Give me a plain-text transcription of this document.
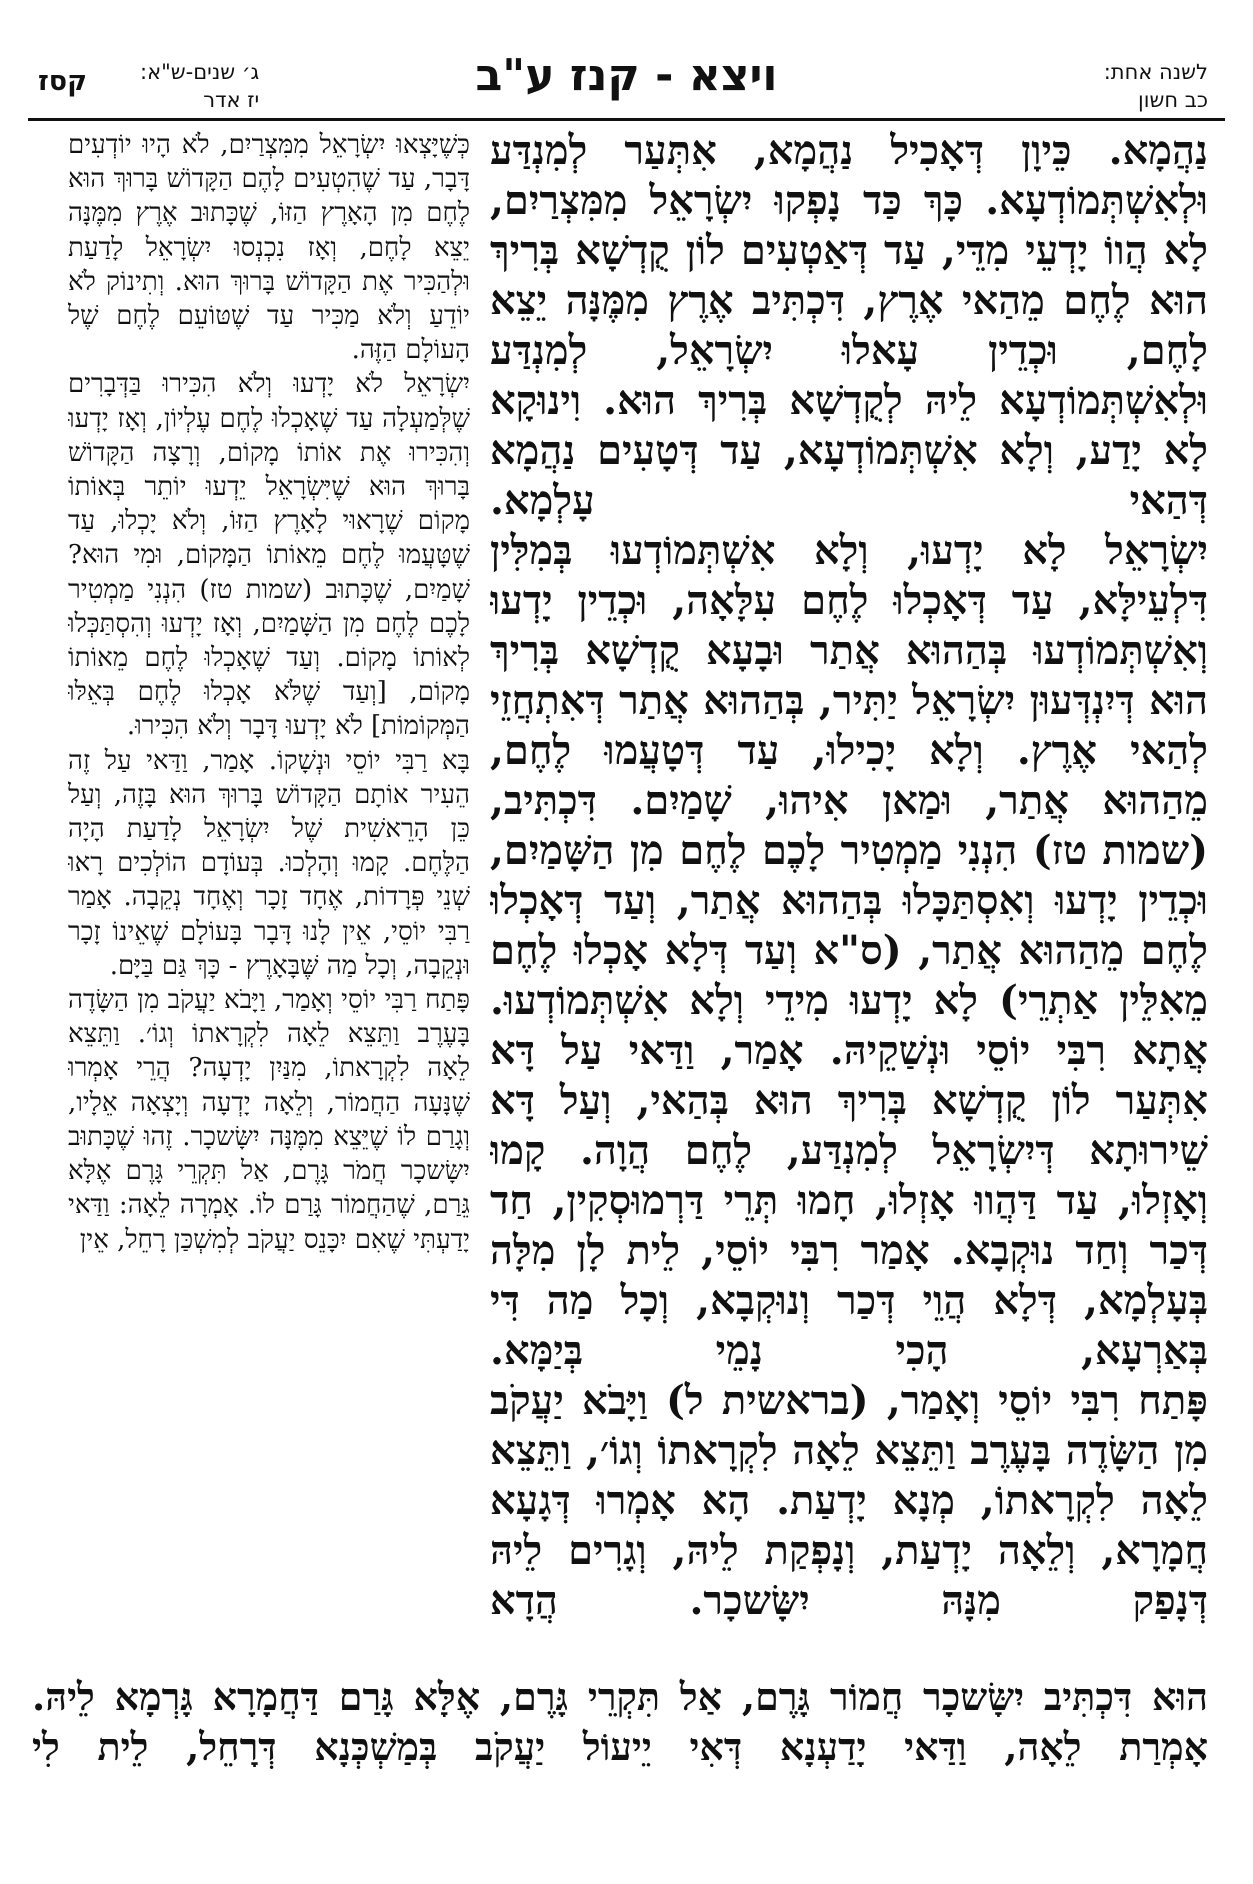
לשנה אחת:
כב חשון
ויצא - קנז ע"ב
ג׳ שנים-ש"א:
יז אדר
קסז

נַהֲמָא. כֵּיוָן דְּאָכִיל נַהֲמָא, אִתְּעַר לְמִנְדַּע וּלְאִשְׁתְּמוֹדְעָא. כָּךְ כַּד נָפְקוּ יִשְׂרָאֵל מִמִּצְרַיִם, לָא הֲווֹ יָדְעֵי מִדֵּי, עַד דְּאַטְעִים לוֹן קֻדְשָׁא בְּרִיךְ הוּא לֶחֶם מֵהַאי אֶרֶץ, דִּכְתִּיב אֶרֶץ מִמֶּנָּה יֵצֵא לָחֶם, וּכְדֵין עָאלוּ יִשְׂרָאֵל, לְמִנְדַּע וּלְאִשְׁתְּמוֹדְעָא לֵיהּ לְקֻדְשָׁא בְּרִיךְ הוּא. וִינוּקָא לָא יָדַע, וְלָא אִשְׁתְּמוֹדְעָא, עַד דְּטָעִים נַהֲמָא דְּהַאי עָלְמָא.

יִשְׂרָאֵל לָא יָדְעוּ, וְלָא אִשְׁתְּמוֹדְעוּ בְּמִלִּין דִּלְעֵילָּא, עַד דְּאָכְלוּ לֶחֶם עִלָּאָה, וּכְדֵין יָדְעוּ וְאִשְׁתְּמוֹדְעוּ בְּהַהוּא אֲתַר וּבָעָא קֻדְשָׁא בְּרִיךְ הוּא דְּיִנְדְּעוּן יִשְׂרָאֵל יַתִּיר, בְּהַהוּא אֲתַר דְּאִתְחֲזֵי לְהַאי אֶרֶץ. וְלָא יָכִילוּ, עַד דְּטָעֲמוּ לֶחֶם, מֵהַהוּא אֲתַר, וּמַאן אִיהוּ, שָׁמַיִם. דִּכְתִּיב, (שמות טז) הִנְנִי מַמְטִיר לָכֶם לֶחֶם מִן הַשָּׁמַיִם, וּכְדֵין יָדְעוּ וְאִסְתַּכָּלוּ בְּהַהוּא אֲתַר, וְעַד דְּאָכְלוּ לֶחֶם מֵהַהוּא אֲתַר, (ס"א וְעַד דְּלָא אָכְלוּ לֶחֶם מֵאִלֵּין אַתְרֵי) לָא יָדְעוּ מִידֵי וְלָא אִשְׁתְּמוֹדְעוּ.

אֲתָא רִבִּי יוֹסֵי וּנְשַׁקֵיהּ. אָמַר, וַדַּאי עַל דָּא אִתְּעַר לוֹן קֻדְשָׁא בְּרִיךְ הוּא בְּהַאי, וְעַל דָּא שֵׁירוּתָא דְּיִשְׂרָאֵל לְמִנְדַּע, לֶחֶם הֲוָה. קָמוּ וְאָזְלוּ, עַד דַּהֲווּ אָזְלוּ, חָמוּ תְּרֵי דַּרְמוּסְקִין, חַד דְּכַר וְחַד נוּקְבָא. אָמַר רִבִּי יוֹסֵי, לֵית לָן מִלָּה בְּעָלְמָא, דְּלָא הֲוֵי דְּכַר וְנוּקְבָא, וְכָל מַה דִּי בְּאַרְעָא, הָכִי נָמֵי בְּיַמָּא.

פָּתַח רִבִּי יוֹסֵי וְאָמַר, (בראשית ל) וַיָּבֹא יַעֲקֹב מִן הַשָּׂדֶה בָּעֶרֶב וַתֵּצֵא לֵאָה לִקְרָאתוֹ וְגוֹ׳, וַתֵּצֵא לֵאָה לִקְרָאתוֹ, מְנָא יָדְעַת. הָא אָמְרוּ דְּגָעָא חֲמָרָא, וְלֵאָה יָדְעַת, וְנָפְקַת לֵיהּ, וְגָרִים לֵיהּ דְּנָפַק מִנָּהּ יִשָּׂשכָר. הֲדָא

כְּשֶׁיָּצְאוּ יִשְׂרָאֵל מִמִּצְרַיִם, לֹא הָיוּ יוֹדְעִים דָּבָר, עַד שֶׁהִטְעִים לָהֶם הַקָּדוֹשׁ בָּרוּךְ הוּא לֶחֶם מִן הָאָרֶץ הַזּוֹ, שֶׁכָּתוּב אֶרֶץ מִמֶּנָּה יֵצֵא לָחֶם, וְאָז נִכְנְסוּ יִשְׂרָאֵל לָדַעַת וּלְהַכִּיר אֶת הַקָּדוֹשׁ בָּרוּךְ הוּא. וְתִינוֹק לֹא יוֹדֵעַ וְלֹא מַכִּיר עַד שֶׁטּוֹעֵם לֶחֶם שֶׁל הָעוֹלָם הַזֶּה.

יִשְׂרָאֵל לֹא יָדְעוּ וְלֹא הִכִּירוּ בַּדְּבָרִים שֶׁלְּמַעְלָה עַד שֶׁאָכְלוּ לֶחֶם עֶלְיוֹן, וְאָז יָדְעוּ וְהִכִּירוּ אֶת אוֹתוֹ מָקוֹם, וְרָצָה הַקָּדוֹשׁ בָּרוּךְ הוּא שֶׁיִּשְׂרָאֵל יֵדְעוּ יוֹתֵר בְּאוֹתוֹ מָקוֹם שֶׁרָאוּי לָאָרֶץ הַזּוֹ, וְלֹא יָכְלוּ, עַד שֶׁטָּעֲמוּ לֶחֶם מֵאוֹתוֹ הַמָּקוֹם, וּמִי הוּא? שָׁמַיִם, שֶׁכָּתוּב (שמות טז) הִנְנִי מַמְטִיר לָכֶם לֶחֶם מִן הַשָּׁמַיִם, וְאָז יָדְעוּ וְהִסְתַּכְּלוּ לְאוֹתוֹ מָקוֹם. וְעַד שֶׁאָכְלוּ לֶחֶם מֵאוֹתוֹ מָקוֹם, [וְעַד שֶׁלֹּא אָכְלוּ לֶחֶם בְּאֵלּוּ הַמְּקוֹמוֹת] לֹא יָדְעוּ דָּבָר וְלֹא הִכִּירוּ.

בָּא רַבִּי יוֹסֵי וּנְשָׁקוֹ. אָמַר, וַדַּאי עַל זֶה הֵעִיר אוֹתָם הַקָּדוֹשׁ בָּרוּךְ הוּא בָּזֶה, וְעַל כֵּן הָרֵאשִׁית שֶׁל יִשְׂרָאֵל לָדַעַת הָיָה הַלֶּחֶם. קָמוּ וְהָלְכוּ. בְּעוֹדָם הוֹלְכִים רָאוּ שְׁנֵי פְּרָדוֹת, אֶחָד זָכָר וְאֶחָד נְקֵבָה. אָמַר רַבִּי יוֹסֵי, אֵין לָנוּ דָּבָר בָּעוֹלָם שֶׁאֵינוֹ זָכָר וּנְקֵבָה, וְכָל מַה שֶּׁבָּאָרֶץ - כָּךְ גַּם בַּיָּם.

פָּתַח רַבִּי יוֹסֵי וְאָמַר, וַיָּבֹא יַעֲקֹב מִן הַשָּׂדֶה בָּעֶרֶב וַתֵּצֵא לֵאָה לִקְרָאתוֹ וְגוֹ׳. וַתֵּצֵא לֵאָה לִקְרָאתוֹ, מִנַּיִן יָדְעָה? הֲרֵי אָמְרוּ שֶׁנָּעָה הַחֲמוֹר, וְלֵאָה יָדְעָה וְיָצְאָה אֵלָיו, וְגָרַם לוֹ שֶׁיֵּצֵא מִמֶּנָּה יִשָּׂשכָר. זֶהוּ שֶׁכָּתוּב יִשָּׂשכָר חֲמֹר גָּרֶם, אַל תִּקְרֵי גָּרֶם אֶלָּא גֵּרַם, שֶׁהַחֲמוֹר גָּרַם לוֹ. אָמְרָה לֵאָה: וַדַּאי יָדַעְתִּי שֶׁאִם יִכָּנֵס יַעֲקֹב לְמִשְׁכַּן רָחֵל, אֵין

הוּא דִּכְתִּיב יִשָּׂשכָר חֲמוֹר גָּרֶם, אַל תִּקְרֵי גָּרֶם, אֶלָּא גָּרַם דַּחֲמָרָא גָּרְמָא לֵיהּ. אָמְרַת לֵאָה, וַדַּאי יָדַעְנָא דְּאִי יֵיעוֹל יַעֲקֹב בְּמַשְׁכְּנָא דְּרָחֵל, לֵית לִי
